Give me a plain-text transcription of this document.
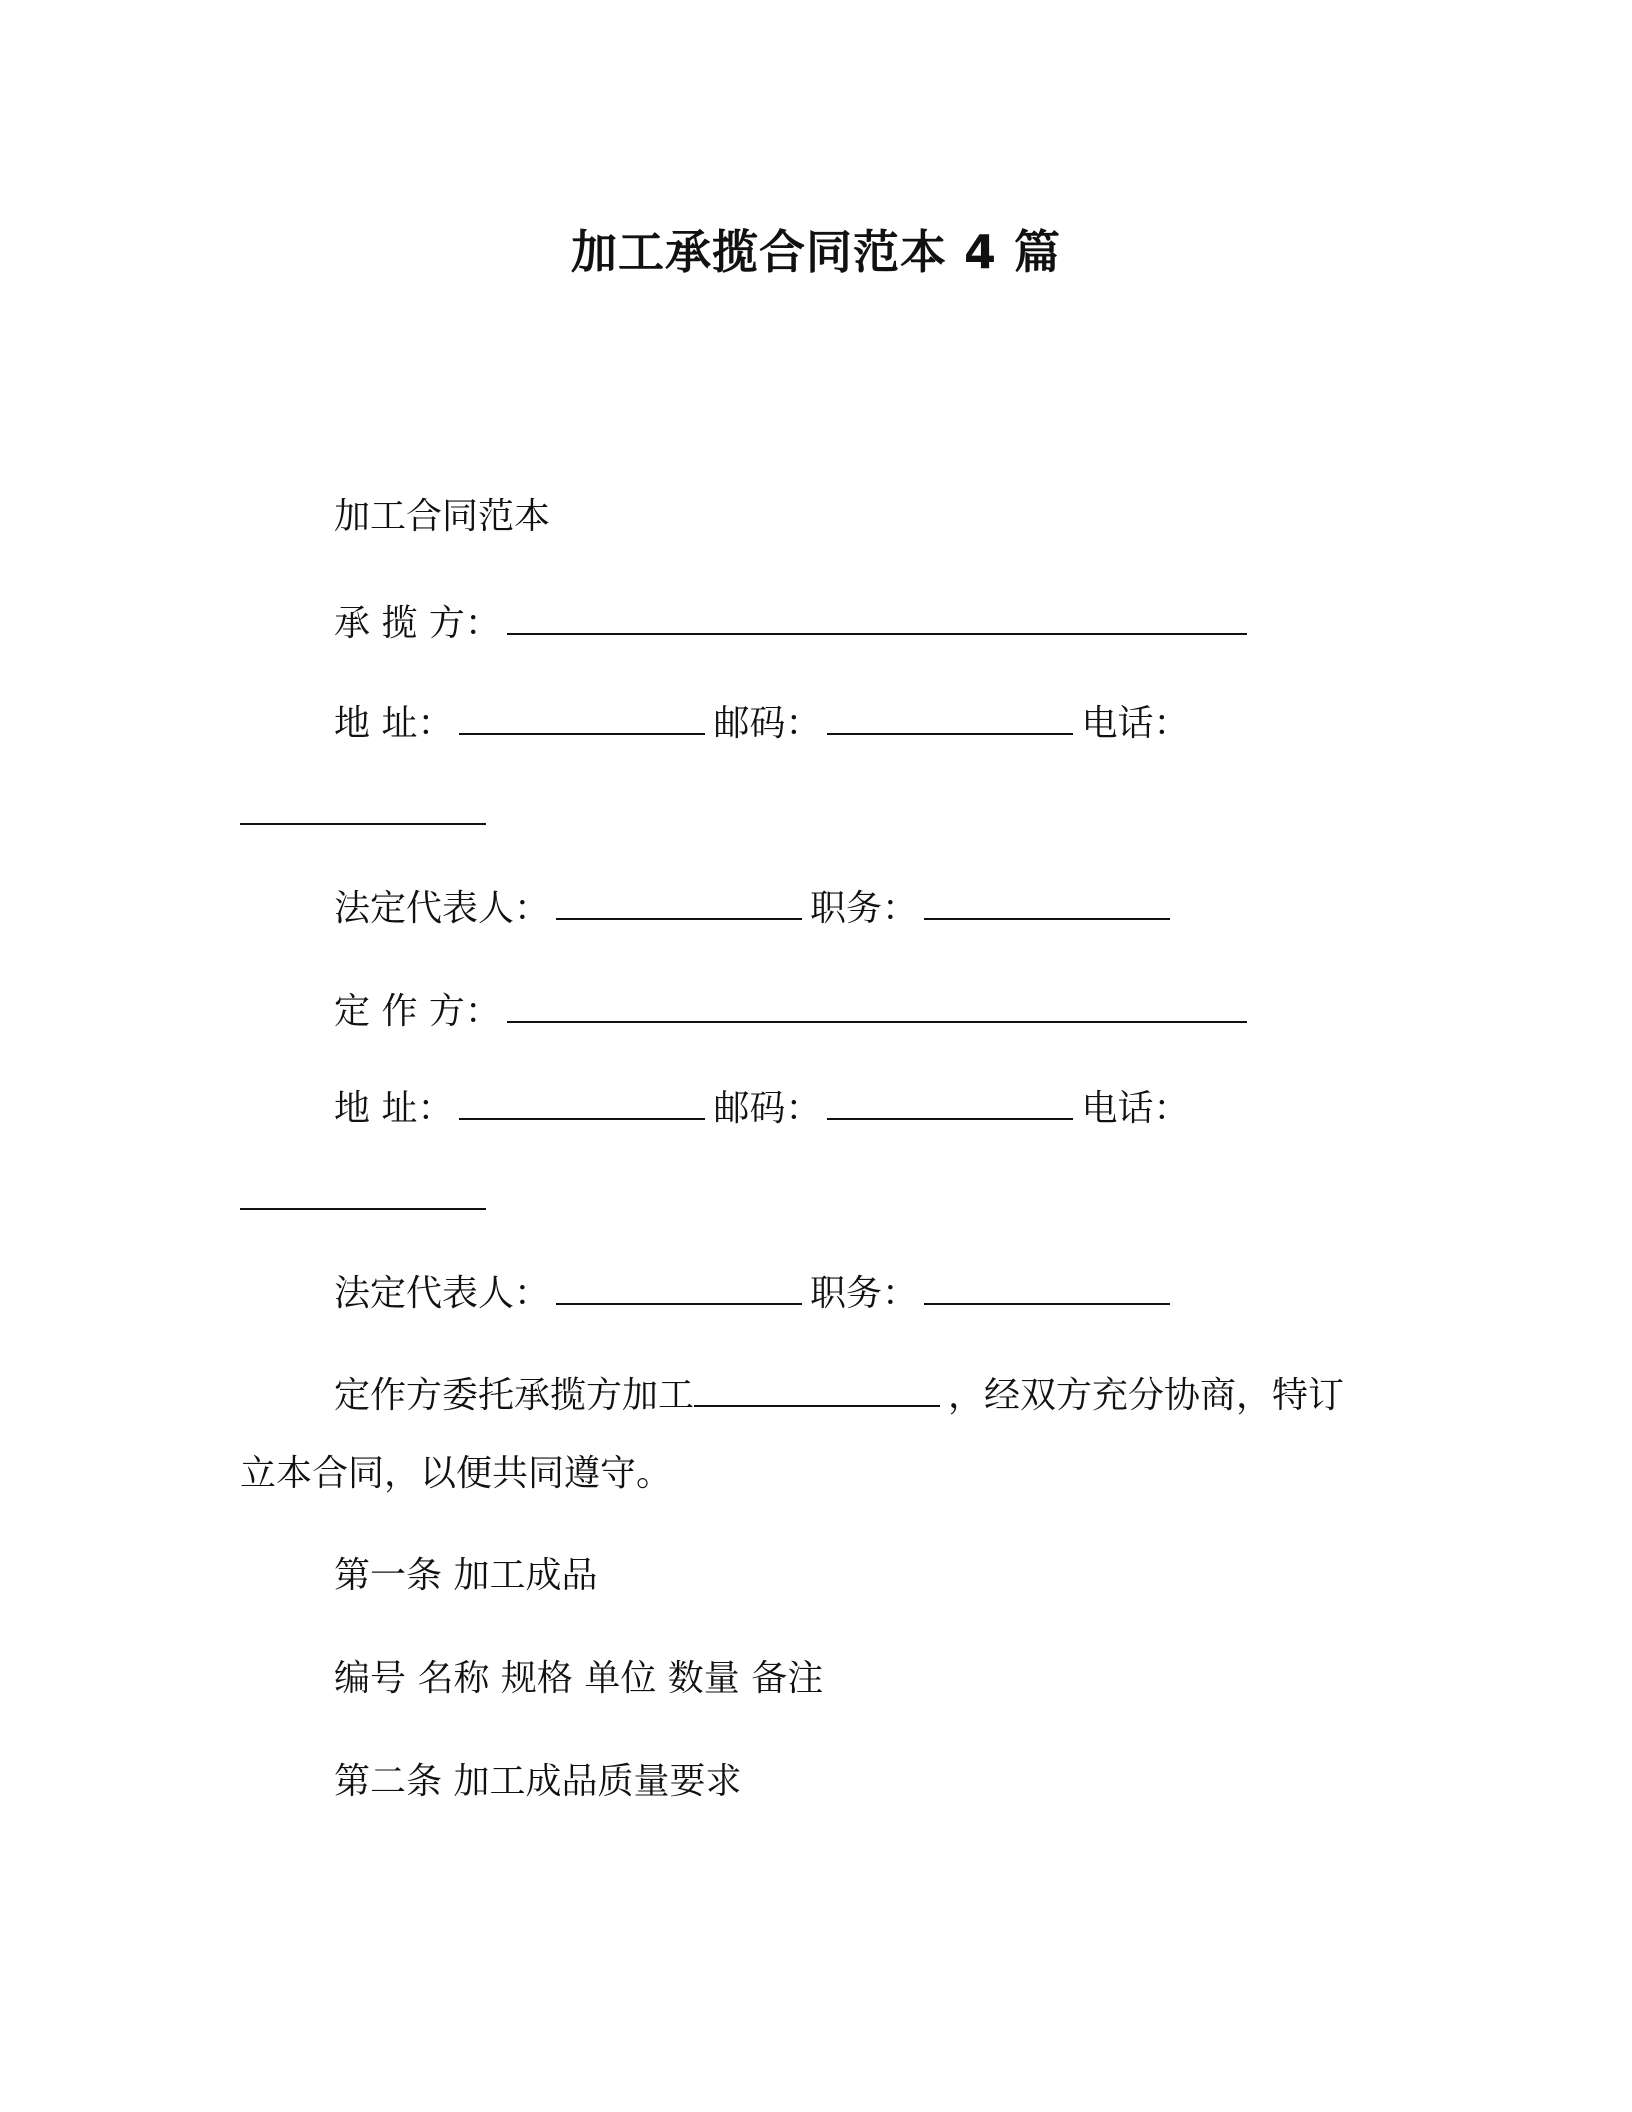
加工承揽合同范本 4 篇
加工合同范本
承 揽 方：
地 址：	邮码：	电话：
法定代表人：	职务：
定 作 方：
地 址：	邮码：	电话：
法定代表人：	职务：
定作方委托承揽方加工	，经双方充分协商，特订
立本合同，以便共同遵守。
第一条 加工成品
编号 名称 规格 单位 数量 备注
第二条 加工成品质量要求
